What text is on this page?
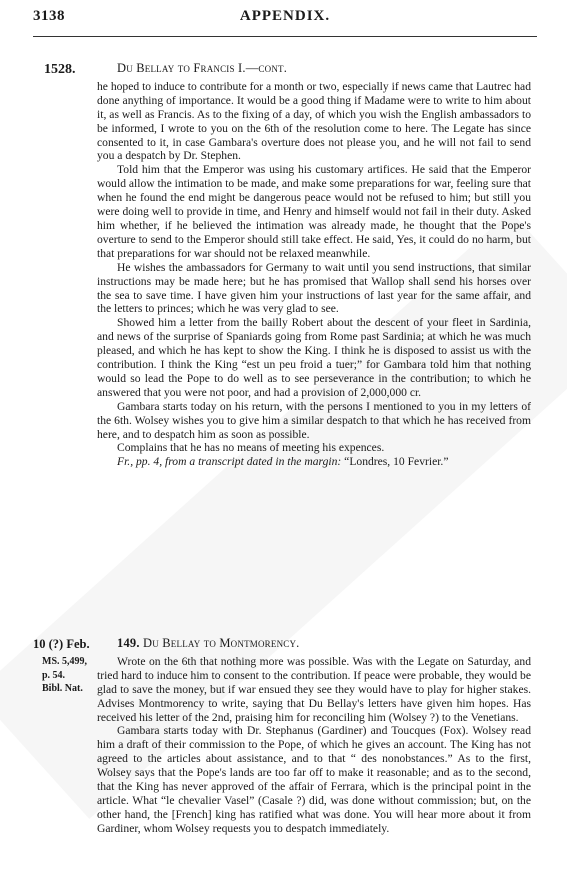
3138	APPENDIX.
1528.	Du Bellay to Francis I.—cont.

he hoped to induce to contribute for a month or two, especially if news came that Lautrec had done anything of importance. It would be a good thing if Madame were to write to him about it, as well as Francis. As to the fixing of a day, of which you wish the English ambassadors to be informed, I wrote to you on the 6th of the resolution come to here. The Legate has since consented to it, in case Gambara's overture does not please you, and he will not fail to send you a despatch by Dr. Stephen.

Told him that the Emperor was using his customary artifices. He said that the Emperor would allow the intimation to be made, and make some preparations for war, feeling sure that when he found the end might be dangerous peace would not be refused to him; but still you were doing well to provide in time, and Henry and himself would not fail in their duty. Asked him whether, if he believed the intimation was already made, he thought that the Pope's overture to send to the Emperor should still take effect. He said, Yes, it could do no harm, but that preparations for war should not be relaxed meanwhile.

He wishes the ambassadors for Germany to wait until you send instructions, that similar instructions may be made here; but he has promised that Wallop shall send his horses over the sea to save time. I have given him your instructions of last year for the same affair, and the letters to princes; which he was very glad to see.

Showed him a letter from the bailly Robert about the descent of your fleet in Sardinia, and news of the surprise of Spaniards going from Rome past Sardinia; at which he was much pleased, and which he has kept to show the King. I think he is disposed to assist us with the contribution. I think the King “est un peu froid a tuer;” for Gambara told him that nothing would so lead the Pope to do well as to see perseverance in the contribution; to which he answered that you were not poor, and had a provision of 2,000,000 cr.

Gambara starts today on his return, with the persons I mentioned to you in my letters of the 6th. Wolsey wishes you to give him a similar despatch to that which he has received from here, and to despatch him as soon as possible.

Complains that he has no means of meeting his expences.

Fr., pp. 4, from a transcript dated in the margin: “Londres, 10 Fevrier.”

10 (?) Feb.
MS. 5,499,
p. 54.
Bibl. Nat.

149. Du Bellay to Montmorency.

Wrote on the 6th that nothing more was possible. Was with the Legate on Saturday, and tried hard to induce him to consent to the contribution. If peace were probable, they would be glad to save the money, but if war ensued they see they would have to play for higher stakes. Advises Montmorency to write, saying that Du Bellay's letters have given him hopes. Has received his letter of the 2nd, praising him for reconciling him (Wolsey ?) to the Venetians.

Gambara starts today with Dr. Stephanus (Gardiner) and Toucques (Fox). Wolsey read him a draft of their commission to the Pope, of which he gives an account. The King has not agreed to the articles about assistance, and to that “ des nonobstances.” As to the first, Wolsey says that the Pope's lands are too far off to make it reasonable; and as to the second, that the King has never approved of the affair of Ferrara, which is the principal point in the article. What “le chevalier Vasel” (Casale ?) did, was done without commission; but, on the other hand, the [French] king has ratified what was done. You will hear more about it from Gardiner, whom Wolsey requests you to despatch immediately.
